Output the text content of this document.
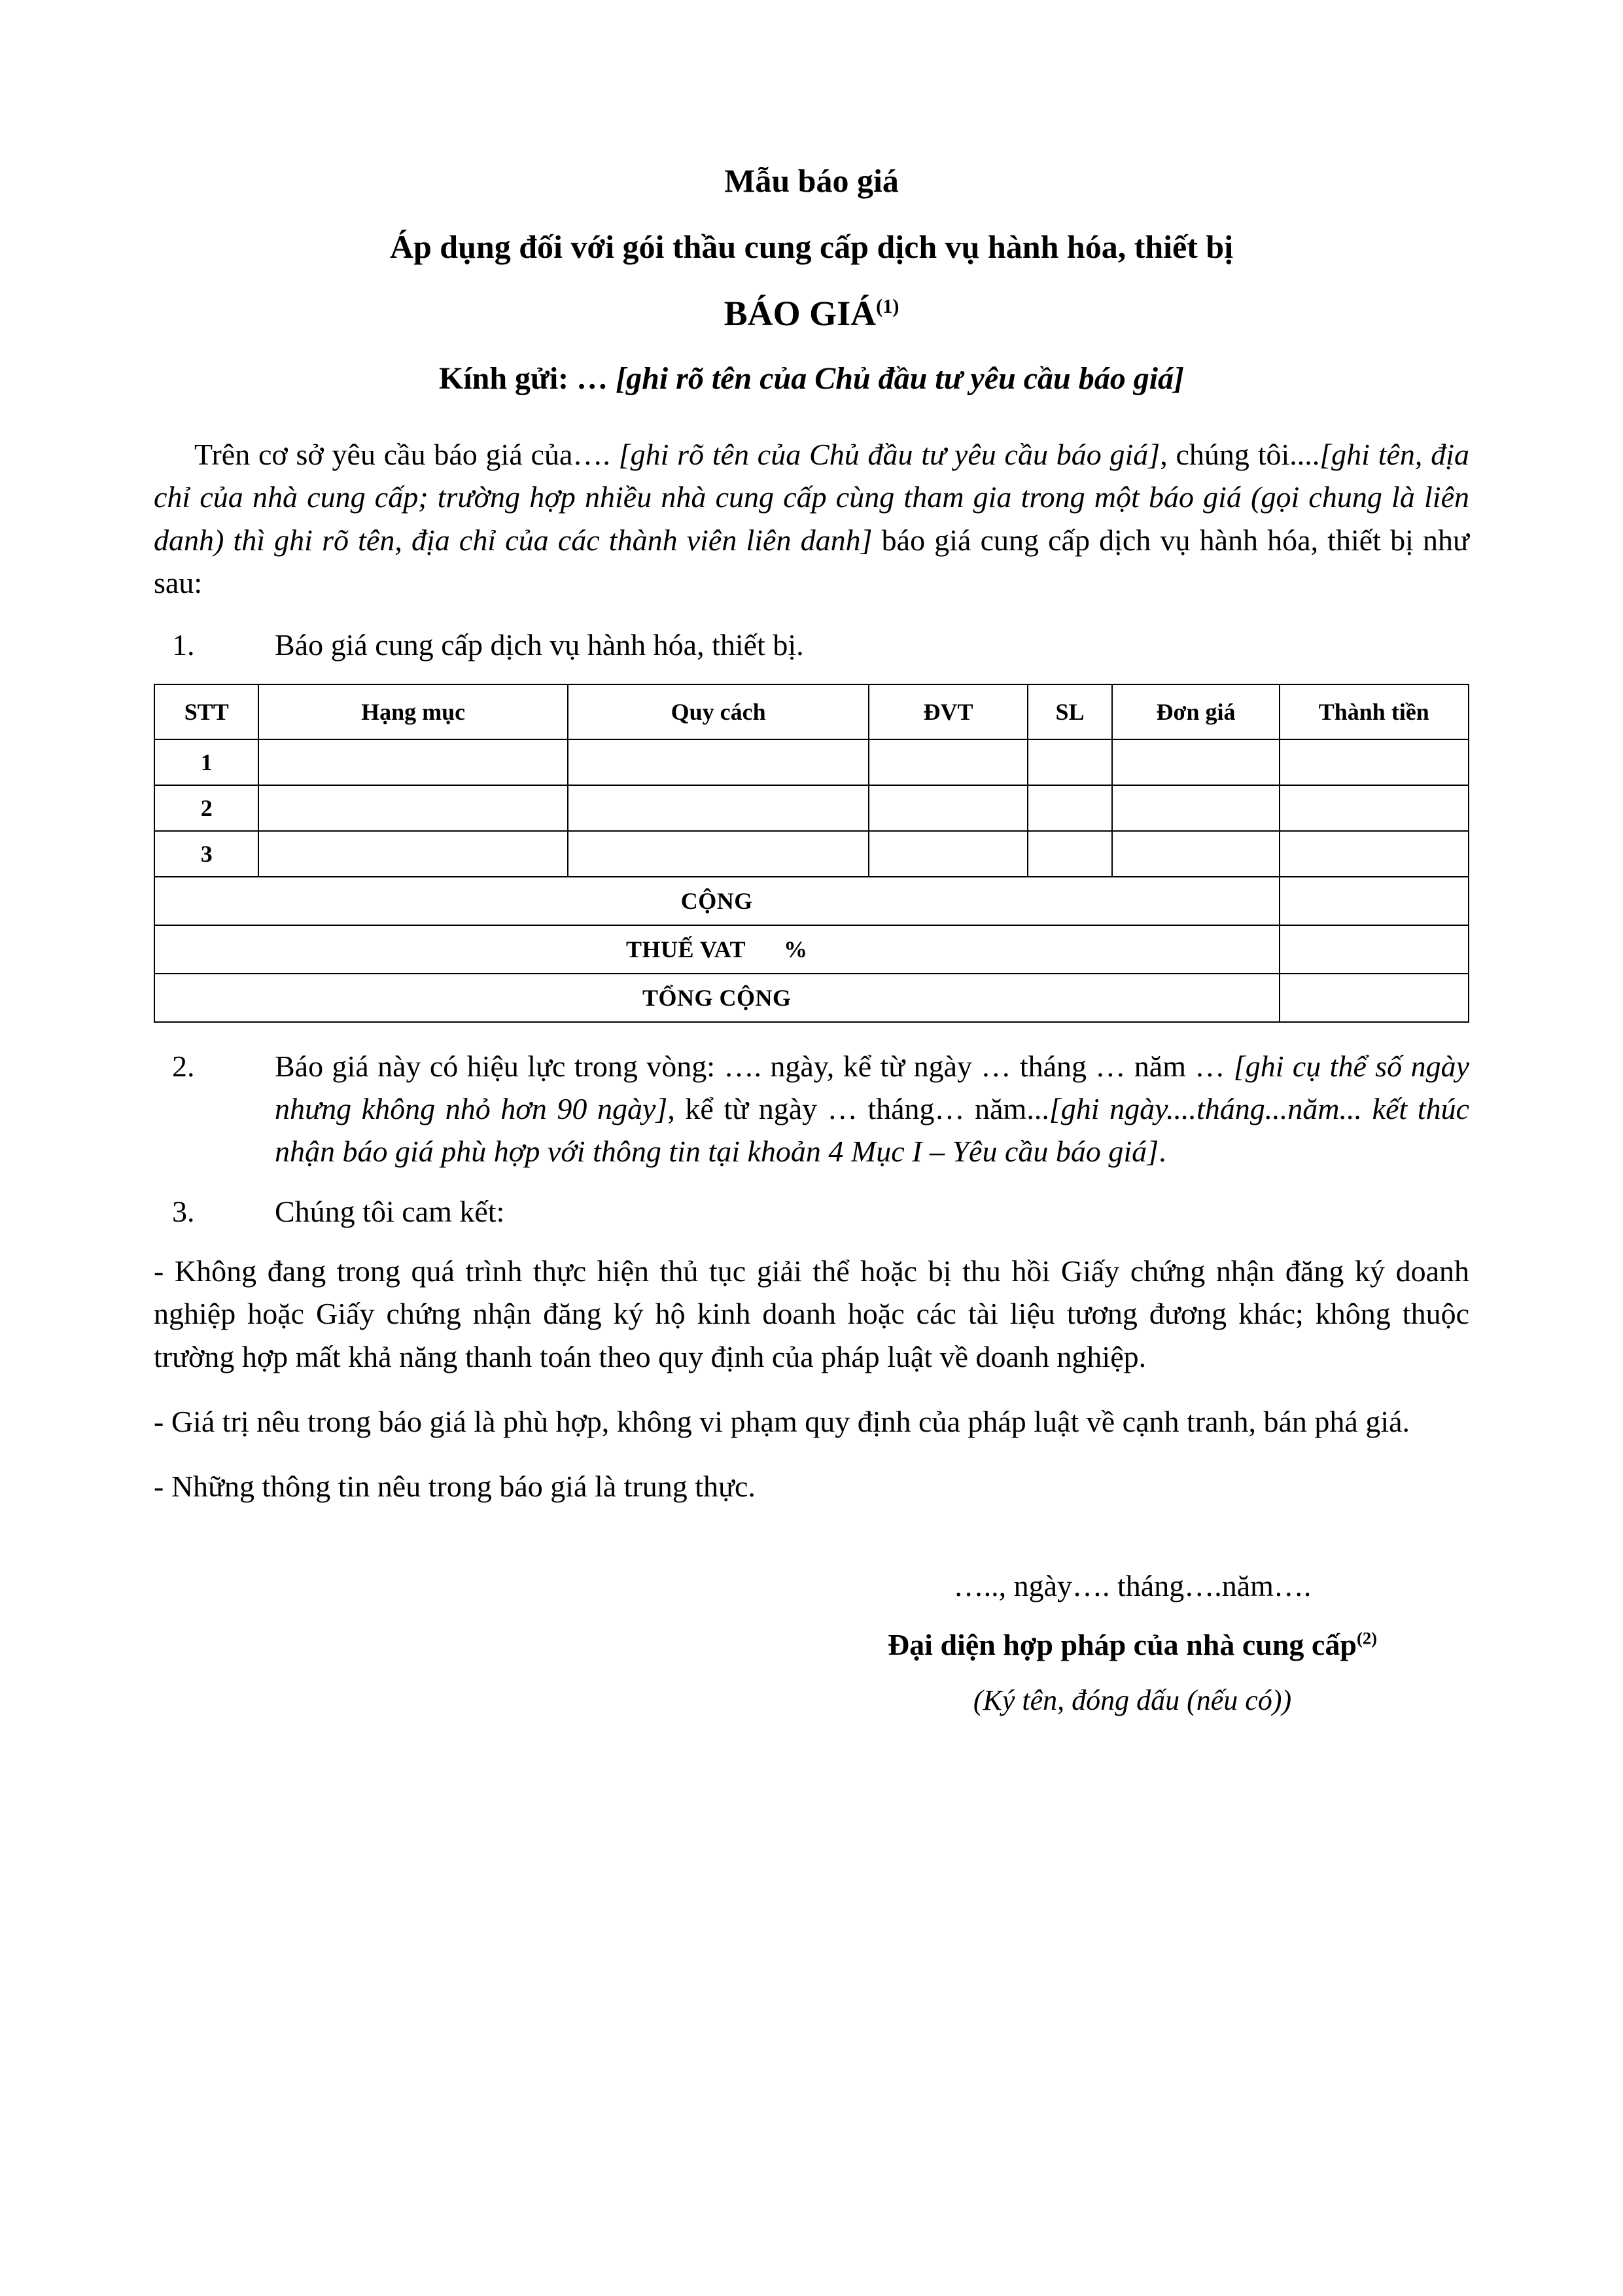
Mẫu báo giá
Áp dụng đối với gói thầu cung cấp dịch vụ hành hóa, thiết bị
BÁO GIÁ$^{(1)}$
Kính gửi: … [ghi rõ tên của Chủ đầu tư yêu cầu báo giá]

Trên cơ sở yêu cầu báo giá của…. [ghi rõ tên của Chủ đầu tư yêu cầu báo giá], chúng tôi....[ghi tên, địa chỉ của nhà cung cấp; trường hợp nhiều nhà cung cấp cùng tham gia trong một báo giá (gọi chung là liên danh) thì ghi rõ tên, địa chỉ của các thành viên liên danh] báo giá cung cấp dịch vụ hành hóa, thiết bị như sau:

1.	Báo giá cung cấp dịch vụ hành hóa, thiết bị.

STT	Hạng mục	Quy cách	ĐVT	SL	Đơn giá	Thành tiền
1						
2						
3						
CỘNG						
THUẾ VAT %						
TỔNG CỘNG						

2.	Báo giá này có hiệu lực trong vòng: …. ngày, kể từ ngày … tháng … năm … [ghi cụ thể số ngày nhưng không nhỏ hơn 90 ngày], kể từ ngày … tháng… năm...[ghi ngày....tháng...năm... kết thúc nhận báo giá phù hợp với thông tin tại khoản 4 Mục I – Yêu cầu báo giá].

3.	Chúng tôi cam kết:

- Không đang trong quá trình thực hiện thủ tục giải thể hoặc bị thu hồi Giấy chứng nhận đăng ký doanh nghiệp hoặc Giấy chứng nhận đăng ký hộ kinh doanh hoặc các tài liệu tương đương khác; không thuộc trường hợp mất khả năng thanh toán theo quy định của pháp luật về doanh nghiệp.

- Giá trị nêu trong báo giá là phù hợp, không vi phạm quy định của pháp luật về cạnh tranh, bán phá giá.

- Những thông tin nêu trong báo giá là trung thực.

….., ngày…. tháng….năm….
Đại diện hợp pháp của nhà cung cấp$^{(2)}$
(Ký tên, đóng dấu (nếu có))
